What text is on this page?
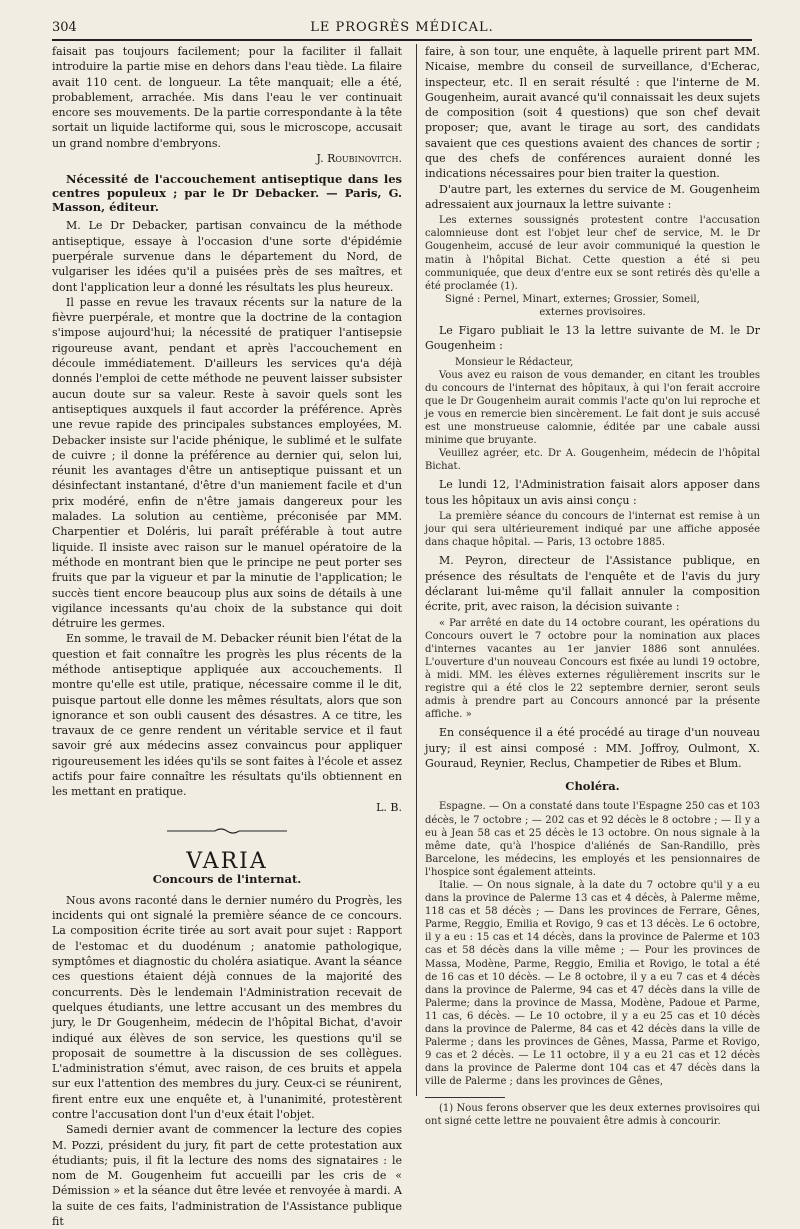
304	LE PROGRÈS MÉDICAL.

faisait pas toujours facilement; pour la faciliter il fallait introduire la partie mise en dehors dans l'eau tiède. La filaire avait 110 cent. de longueur. La tête manquait; elle a été, probablement, arrachée. Mis dans l'eau le ver continuait encore ses mouvements. De la partie correspondante à la tête sortait un liquide lactiforme qui, sous le microscope, accusait un grand nombre d'embryons.

J. Roubinovitch.
Nécessité de l'accouchement antiseptique dans les centres populeux ; par le Dr Debacker. — Paris, G. Masson, éditeur.

M. Le Dr Debacker, partisan convaincu de la méthode antiseptique, essaye à l'occasion d'une sorte d'épidémie puerpérale survenue dans le département du Nord, de vulgariser les idées qu'il a puisées près de ses maîtres, et dont l'application leur a donné les résultats les plus heureux.

Il passe en revue les travaux récents sur la nature de la fièvre puerpérale, et montre que la doctrine de la contagion s'impose aujourd'hui; la nécessité de pratiquer l'antisepsie rigoureuse avant, pendant et après l'accouchement en découle immédiatement. D'ailleurs les services qu'a déjà donnés l'emploi de cette méthode ne peuvent laisser subsister aucun doute sur sa valeur. Reste à savoir quels sont les antiseptiques auxquels il faut accorder la préférence. Après une revue rapide des principales substances employées, M. Debacker insiste sur l'acide phénique, le sublimé et le sulfate de cuivre ; il donne la préférence au dernier qui, selon lui, réunit les avantages d'être un antiseptique puissant et un désinfectant instantané, d'être d'un maniement facile et d'un prix modéré, enfin de n'être jamais dangereux pour les malades. La solution au centième, préconisée par MM. Charpentier et Doléris, lui paraît préférable à tout autre liquide. Il insiste avec raison sur le manuel opératoire de la méthode en montrant bien que le principe ne peut porter ses fruits que par la vigueur et par la minutie de l'application; le succès tient encore beaucoup plus aux soins de détails à une vigilance incessants qu'au choix de la substance qui doit détruire les germes.

En somme, le travail de M. Debacker réunit bien l'état de la question et fait connaître les progrès les plus récents de la méthode antiseptique appliquée aux accouchements. Il montre qu'elle est utile, pratique, nécessaire comme il le dit, puisque partout elle donne les mêmes résultats, alors que son ignorance et son oubli causent des désastres. A ce titre, les travaux de ce genre rendent un véritable service et il faut savoir gré aux médecins assez convaincus pour appliquer rigoureusement les idées qu'ils se sont faites à l'école et assez actifs pour faire connaître les résultats qu'ils obtiennent en les mettant en pratique.

L. B.
VARIA
Concours de l'internat.

Nous avons raconté dans le dernier numéro du Progrès, les incidents qui ont signalé la première séance de ce concours. La composition écrite tirée au sort avait pour sujet : Rapport de l'estomac et du duodénum ; anatomie pathologique, symptômes et diagnostic du choléra asiatique. Avant la séance ces questions étaient déjà connues de la majorité des concurrents. Dès le lendemain l'Administration recevait de quelques étudiants, une lettre accusant un des membres du jury, le Dr Gougenheim, médecin de l'hôpital Bichat, d'avoir indiqué aux élèves de son service, les questions qu'il se proposait de soumettre à la discussion de ses collègues. L'administration s'émut, avec raison, de ces bruits et appela sur eux l'attention des membres du jury. Ceux-ci se réunirent, firent entre eux une enquête et, à l'unanimité, protestèrent contre l'accusation dont l'un d'eux était l'objet.

Samedi dernier avant de commencer la lecture des copies M. Pozzi, président du jury, fit part de cette protestation aux étudiants; puis, il fit la lecture des noms des signataires : le nom de M. Gougenheim fut accueilli par les cris de « Démission » et la séance dut être levée et renvoyée à mardi. A la suite de ces faits, l'administration de l'Assistance publique fit

faire, à son tour, une enquête, à laquelle prirent part MM. Nicaise, membre du conseil de surveillance, d'Echerac, inspecteur, etc. Il en serait résulté : que l'interne de M. Gougenheim, aurait avancé qu'il connaissait les deux sujets de composition (soit 4 questions) que son chef devait proposer; que, avant le tirage au sort, des candidats savaient que ces questions avaient des chances de sortir ; que des chefs de conférences auraient donné les indications nécessaires pour bien traiter la question.

D'autre part, les externes du service de M. Gougenheim adressaient aux journaux la lettre suivante :

Les externes soussignés protestent contre l'accusation calomnieuse dont est l'objet leur chef de service, M. le Dr Gougenheim, accusé de leur avoir communiqué la question le matin à l'hôpital Bichat. Cette question a été si peu communiquée, que deux d'entre eux se sont retirés dès qu'elle a été proclamée (1).

Signé : Pernel, Minart, externes; Grossier, Someil,
externes provisoires.

Le Figaro publiait le 13 la lettre suivante de M. le Dr Gougenheim :

Monsieur le Rédacteur,

Vous avez eu raison de vous demander, en citant les troubles du concours de l'internat des hôpitaux, à qui l'on ferait accroire que le Dr Gougenheim aurait commis l'acte qu'on lui reproche et je vous en remercie bien sincèrement. Le fait dont je suis accusé est une monstrueuse calomnie, éditée par une cabale aussi minime que bruyante.

Veuillez agréer, etc. Dr A. Gougenheim, médecin de l'hôpital Bichat.

Le lundi 12, l'Administration faisait alors apposer dans tous les hôpitaux un avis ainsi conçu :

La première séance du concours de l'internat est remise à un jour qui sera ultérieurement indiqué par une affiche apposée dans chaque hôpital. — Paris, 13 octobre 1885.

M. Peyron, directeur de l'Assistance publique, en présence des résultats de l'enquête et de l'avis du jury déclarant lui-même qu'il fallait annuler la composition écrite, prit, avec raison, la décision suivante :

« Par arrêté en date du 14 octobre courant, les opérations du Concours ouvert le 7 octobre pour la nomination aux places d'internes vacantes au 1er janvier 1886 sont annulées. L'ouverture d'un nouveau Concours est fixée au lundi 19 octobre, à midi. MM. les élèves externes régulièrement inscrits sur le registre qui a été clos le 22 septembre dernier, seront seuls admis à prendre part au Concours annoncé par la présente affiche. »

En conséquence il a été procédé au tirage d'un nouveau jury; il est ainsi composé : MM. Joffroy, Oulmont, X. Gouraud, Reynier, Reclus, Champetier de Ribes et Blum.

Choléra.

Espagne. — On a constaté dans toute l'Espagne 250 cas et 103 décès, le 7 octobre ; — 202 cas et 92 décès le 8 octobre ; — Il y a eu à Jean 58 cas et 25 décès le 13 octobre. On nous signale à la même date, qu'à l'hospice d'aliénés de San-Randillo, près Barcelone, les médecins, les employés et les pensionnaires de l'hospice sont également atteints.

Italie. — On nous signale, à la date du 7 octobre qu'il y a eu dans la province de Palerme 13 cas et 4 décès, à Palerme même, 118 cas et 58 décès ; — Dans les provinces de Ferrare, Gênes, Parme, Reggio, Emilia et Rovigo, 9 cas et 13 décès. Le 6 octobre, il y a eu : 15 cas et 14 décès, dans la province de Palerme et 103 cas et 58 décès dans la ville même ; — Pour les provinces de Massa, Modène, Parme, Reggio, Emilia et Rovigo, le total a été de 16 cas et 10 décès. — Le 8 octobre, il y a eu 7 cas et 4 décès dans la province de Palerme, 94 cas et 47 décès dans la ville de Palerme; dans la province de Massa, Modène, Padoue et Parme, 11 cas, 6 décès. — Le 10 octobre, il y a eu 25 cas et 10 décès dans la province de Palerme, 84 cas et 42 décès dans la ville de Palerme ; dans les provinces de Gênes, Massa, Parme et Rovigo, 9 cas et 2 décès. — Le 11 octobre, il y a eu 21 cas et 12 décès dans la province de Palerme dont 104 cas et 47 décès dans la ville de Palerme ; dans les provinces de Gênes,

(1) Nous ferons observer que les deux externes provisoires qui ont signé cette lettre ne pouvaient être admis à concourir.
